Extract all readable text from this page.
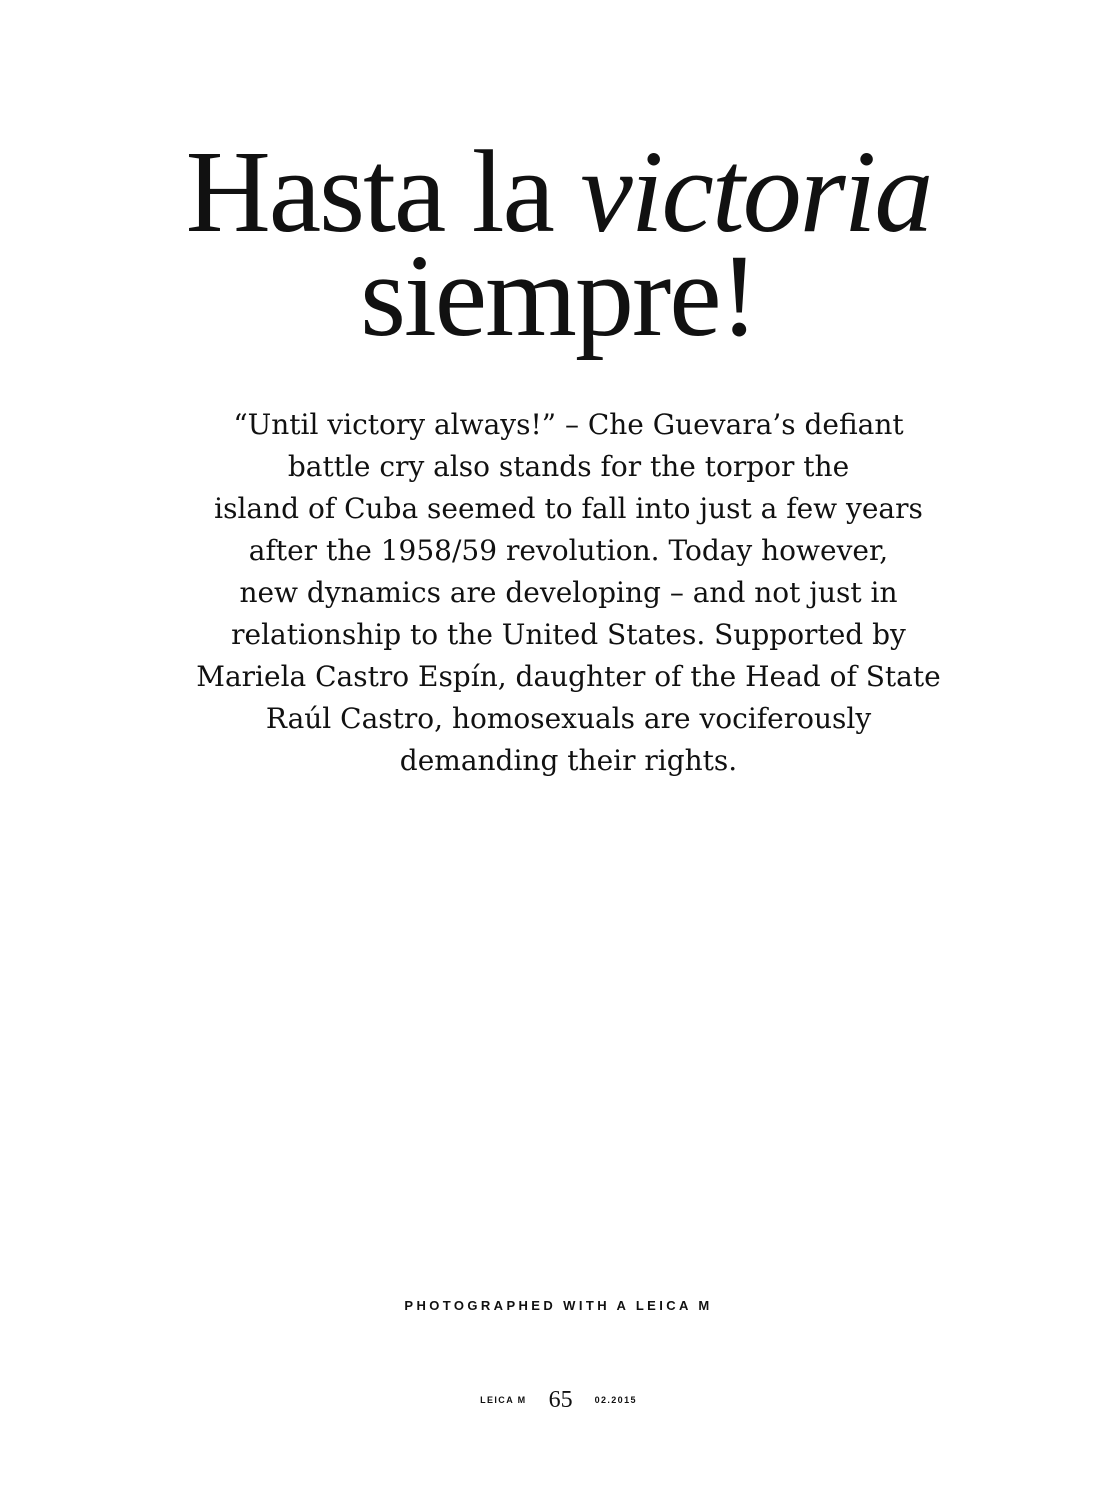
Hasta la victoria
siempre!

“Until victory always!” – Che Guevara’s defiant
battle cry also stands for the torpor the
island of Cuba seemed to fall into just a few years
after the 1958/59 revolution. Today however,
new dynamics are developing – and not just in
relationship to the United States. Supported by
Mariela Castro Espín, daughter of the Head of State
Raúl Castro, homosexuals are vociferously
demanding their rights.

PHOTOGRAPHED WITH A LEICA M
LEICA M 65 02.2015
